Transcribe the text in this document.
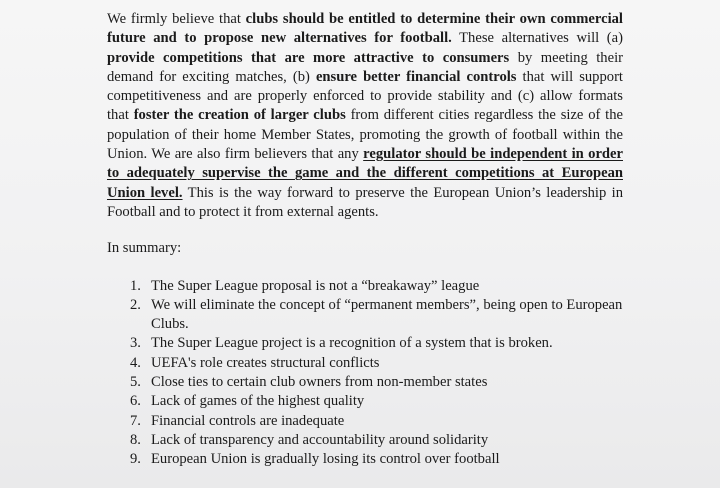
We firmly believe that clubs should be entitled to determine their own commercial future and to propose new alternatives for football. These alternatives will (a) provide competitions that are more attractive to consumers by meeting their demand for exciting matches, (b) ensure better financial controls that will support competitiveness and are properly enforced to provide stability and (c) allow formats that foster the creation of larger clubs from different cities regardless the size of the population of their home Member States, promoting the growth of football within the Union. We are also firm believers that any regulator should be independent in order to adequately supervise the game and the different competitions at European Union level. This is the way forward to preserve the European Union’s leadership in Football and to protect it from external agents.

In summary:

1. The Super League proposal is not a “breakaway” league
2. We will eliminate the concept of “permanent members”, being open to European Clubs.
3. The Super League project is a recognition of a system that is broken.
4. UEFA's role creates structural conflicts
5. Close ties to certain club owners from non-member states
6. Lack of games of the highest quality
7. Financial controls are inadequate
8. Lack of transparency and accountability around solidarity
9. European Union is gradually losing its control over football
